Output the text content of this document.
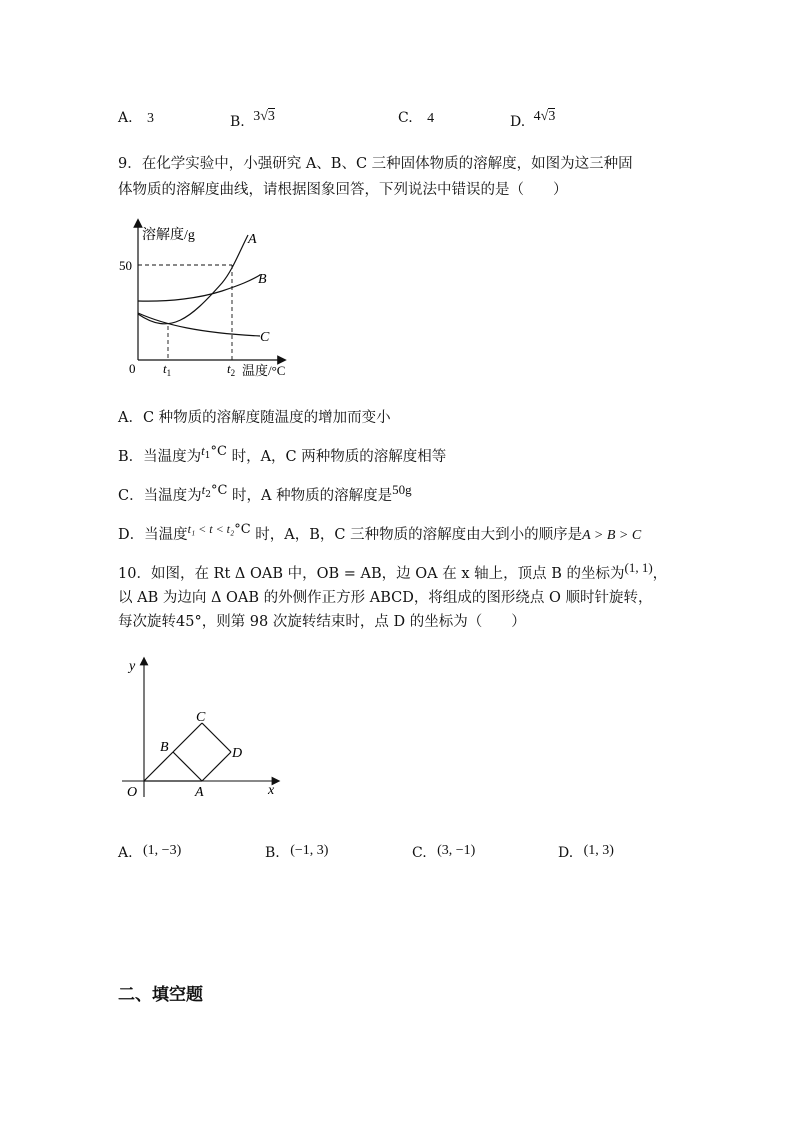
A. 3	B. 3√3	C. 4	D. 4√3
9．在化学实验中，小强研究 A、B、C 三种固体物质的溶解度，如图为这三种固
体物质的溶解度曲线，请根据图象回答，下列说法中错误的是（　　）
溶解度/g
温度/°C
0
50
A
B
C
$t_1$	$t_2$
A．C 种物质的溶解度随温度的增加而变小
B．当温度为$t^1^\circ C$ 时，A，C 两种物质的溶解度相等
C．当温度为$t^2^\circ C$ 时，A 种物质的溶解度是50g
D．当温度$^{t_1 < t < t_2}$°C 时，A，B，C 三种物质的溶解度由大到小的顺序是A > B > C
10．如图，在 Rt Δ OAB 中，OB = AB，边 OA 在 x 轴上，顶点 B 的坐标为(1, 1)，
以 AB 为边向 Δ OAB 的外侧作正方形 ABCD，将组成的图形绕点 O 顺时针旋转，
每次旋转45°，则第 98 次旋转结束时，点 D 的坐标为（　　）
y
x
O	A
B
C
D
A. (1, −3)	B. (−1, 3)	C. (3, −1)	D. (1, 3)
二、填空题
